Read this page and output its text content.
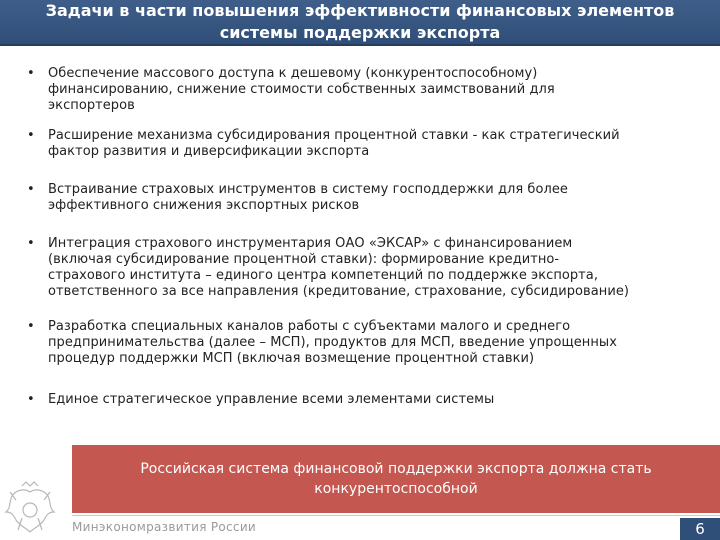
Задачи в части повышения эффективности финансовых элементов
системы поддержки экспорта
• Обеспечение массового доступа к дешевому (конкурентоспособному)
финансированию, снижение стоимости собственных заимствований для
экспортеров
• Расширение механизма субсидирования процентной ставки - как стратегический
фактор развития и диверсификации экспорта
• Встраивание страховых инструментов в систему господдержки для более
эффективного снижения экспортных рисков
• Интеграция страхового инструментария ОАО «ЭКСАР» с финансированием
(включая субсидирование процентной ставки): формирование кредитно-
страхового института – единого центра компетенций по поддержке экспорта,
ответственного за все направления (кредитование, страхование, субсидирование)
• Разработка специальных каналов работы с субъектами малого и среднего
предпринимательства (далее – МСП), продуктов для МСП, введение упрощенных
процедур поддержки МСП (включая возмещение процентной ставки)
• Единое стратегическое управление всеми элементами системы
Российская система финансовой поддержки экспорта должна стать
конкурентоспособной
Минэкономразвития России	6
